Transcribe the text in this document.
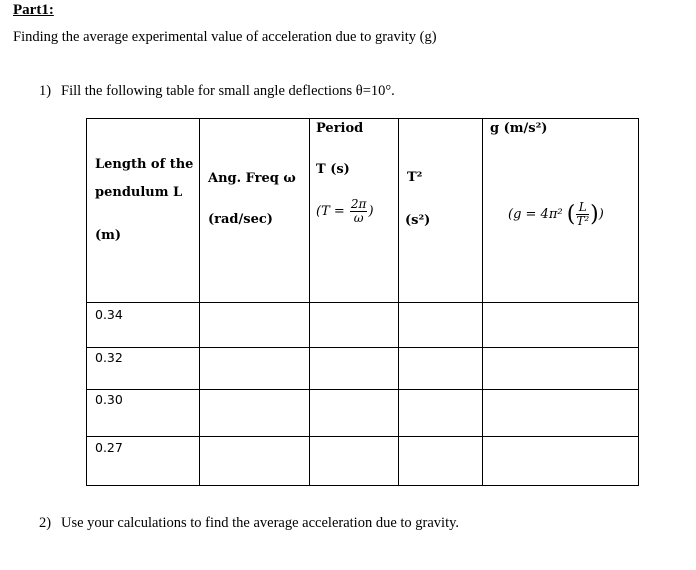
Part1:
Finding the average experimental value of acceleration due to gravity (g)
1) Fill the following table for small angle deflections θ=10°.
Length of the
pendulum L
(m)
Ang. Freq ω
(rad/sec)
Period
T (s)
($T = \frac{2\pi}{\omega}$ )
T²
(s²)
g (m/s²)
(g = 4π² ( $\frac{L}{\text{T²}}$ ))
0.34
0.32
0.30
0.27
2) Use your calculations to find the average acceleration due to gravity.
